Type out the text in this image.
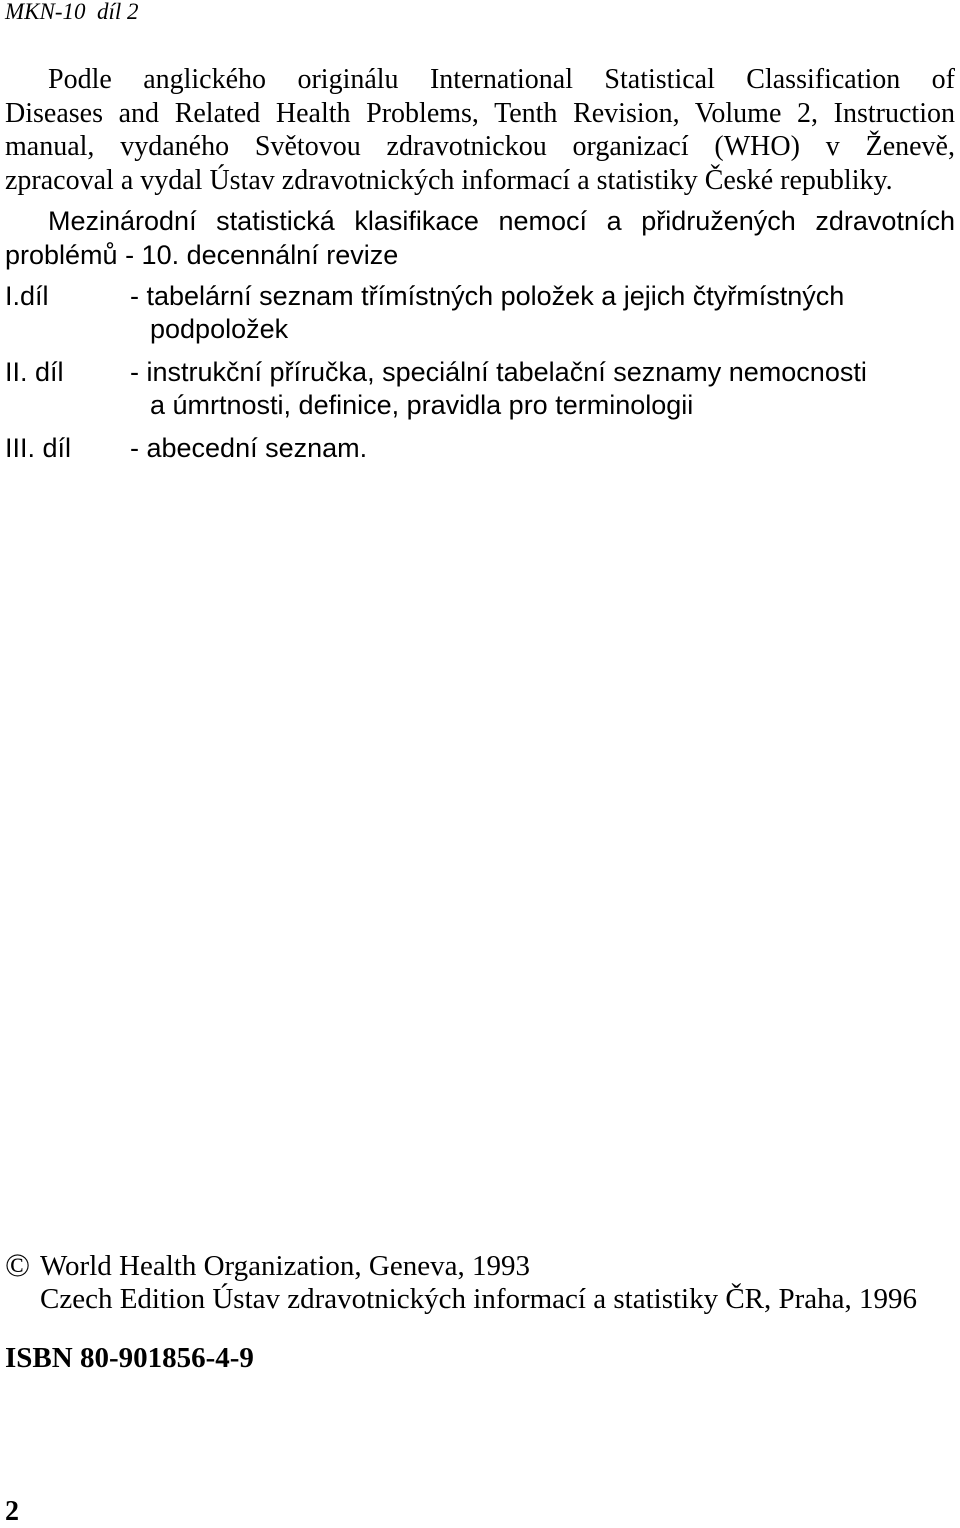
MKN-10  díl 2
Podle anglického originálu International Statistical Classification of
Diseases and Related Health Problems, Tenth Revision, Volume 2, Instruction
manual, vydaného Světovou zdravotnickou organizací (WHO) v Ženevě,
zpracoval a vydal Ústav zdravotnických informací a statistiky České republiky.
Mezinárodní statistická klasifikace nemocí a přidružených zdravotních
problémů - 10. decennální revize
I.díl	- tabelární seznam třímístných položek a jejich čtyřmístných
podpoložek
II. díl	- instrukční příručka, speciální tabelační seznamy nemocnosti
a úmrtnosti, definice, pravidla pro terminologii
III. díl	- abecední seznam.
© World Health Organization, Geneva, 1993
Czech Edition Ústav zdravotnických informací a statistiky ČR, Praha, 1996
ISBN 80-901856-4-9
2
